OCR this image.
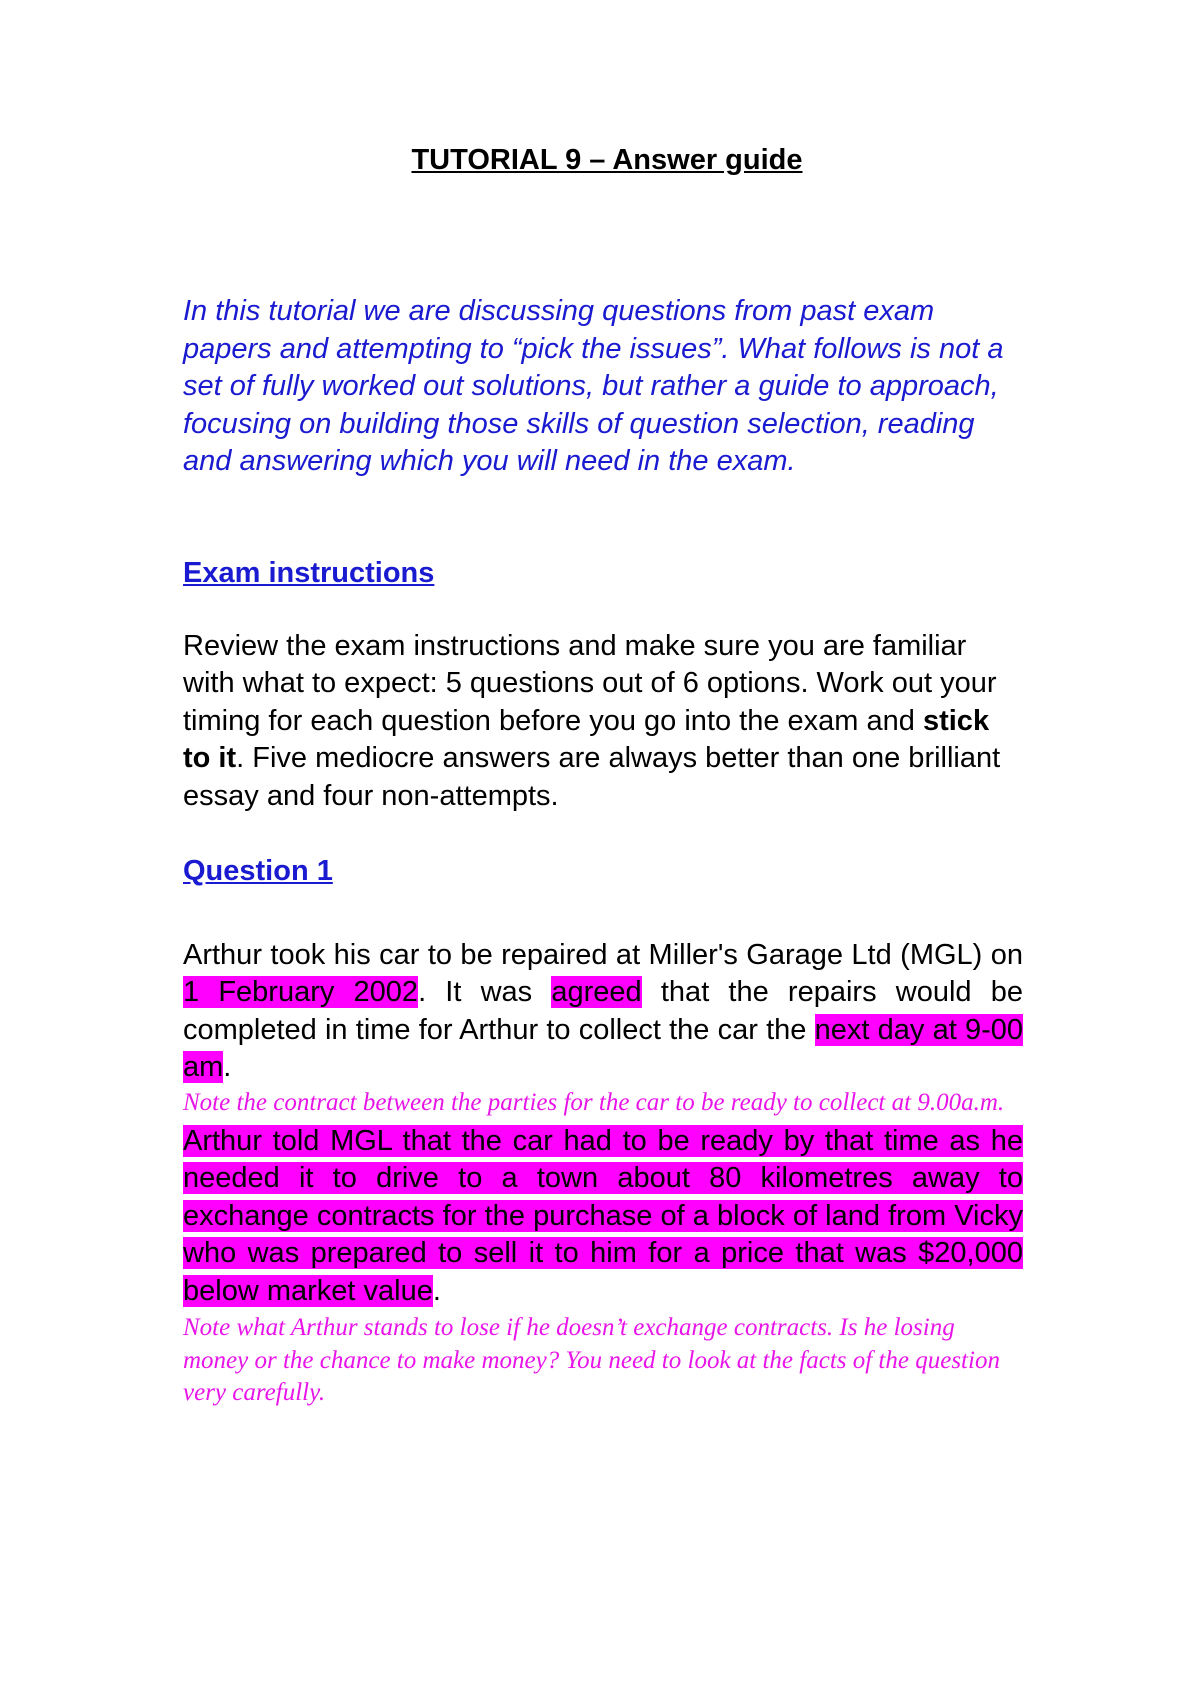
TUTORIAL 9 – Answer guide

In this tutorial we are discussing questions from past exam papers and attempting to “pick the issues”. What follows is not a set of fully worked out solutions, but rather a guide to approach, focusing on building those skills of question selection, reading and answering which you will need in the exam.

Exam instructions

Review the exam instructions and make sure you are familiar with what to expect: 5 questions out of 6 options. Work out your timing for each question before you go into the exam and stick to it. Five mediocre answers are always better than one brilliant essay and four non-attempts.

Question 1

Arthur took his car to be repaired at Miller's Garage Ltd (MGL) on 1 February 2002. It was agreed that the repairs would be completed in time for Arthur to collect the car the next day at 9-00 am.

Note the contract between the parties for the car to be ready to collect at 9.00a.m.

Arthur told MGL that the car had to be ready by that time as he needed it to drive to a town about 80 kilometres away to exchange contracts for the purchase of a block of land from Vicky who was prepared to sell it to him for a price that was $20,000 below market value.

Note what Arthur stands to lose if he doesn’t exchange contracts. Is he losing money or the chance to make money? You need to look at the facts of the question very carefully.
